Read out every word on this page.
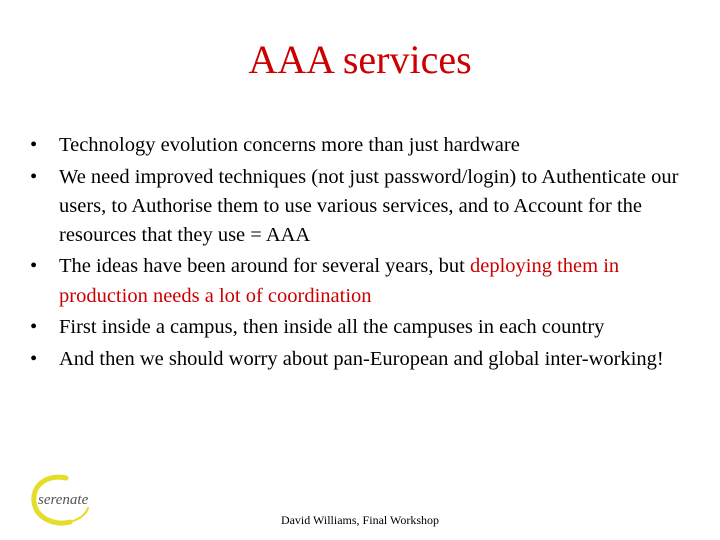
AAA services
•	Technology evolution concerns more than just hardware
•	We need improved techniques (not just password/login) to Authenticate our users, to Authorise them to use various services, and to Account for the resources that they use = AAA
•	The ideas have been around for several years, but deploying them in production needs a lot of coordination
•	First inside a campus, then inside all the campuses in each country
•	And then we should worry about pan-European and global inter-working!
serenate
David Williams, Final Workshop
